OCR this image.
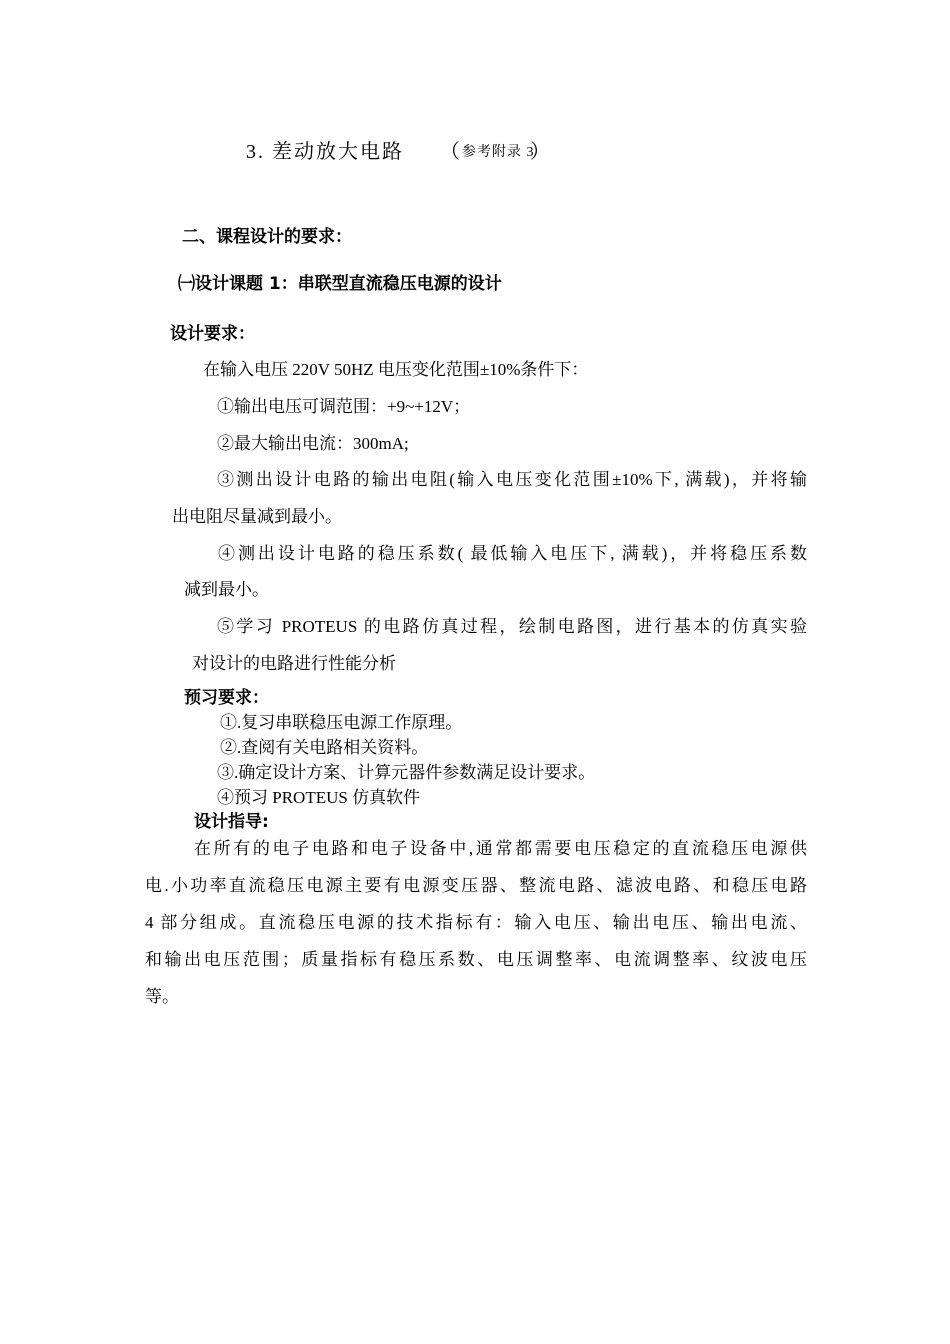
3. 差动放大电路 （ 参考附录 3
）
二、课程设计的要求：
㈠设计课题 1：串联型直流稳压电源的设计
设计要求：
在输入电压 220V 50HZ 电压变化范围±10%条件下：
①输出电压可调范围：+9~+12V；
②最大输出电流：300mA;
③测出设计电路的输出电阻(输入电压变化范围±10%下, 满载)，并将输
出电阻尽量减到最小。
④测出设计电路的稳压系数( 最低输入电压下, 满载)，并将稳压系数
减到最小。
⑤学习 PROTEUS 的电路仿真过程，绘制电路图，进行基本的仿真实验
对设计的电路进行性能分析
预习要求：
①.复习串联稳压电源工作原理。
②.查阅有关电路相关资料。
③.确定设计方案、计算元器件参数满足设计要求。
④预习 PROTEUS 仿真软件
设计指导:
在所有的电子电路和电子设备中,通常都需要电压稳定的直流稳压电源供
电.小功率直流稳压电源主要有电源变压器、整流电路、滤波电路、和稳压电路
4 部分组成。直流稳压电源的技术指标有：输入电压、输出电压、输出电流、
和输出电压范围；质量指标有稳压系数、电压调整率、电流调整率、纹波电压
等。
